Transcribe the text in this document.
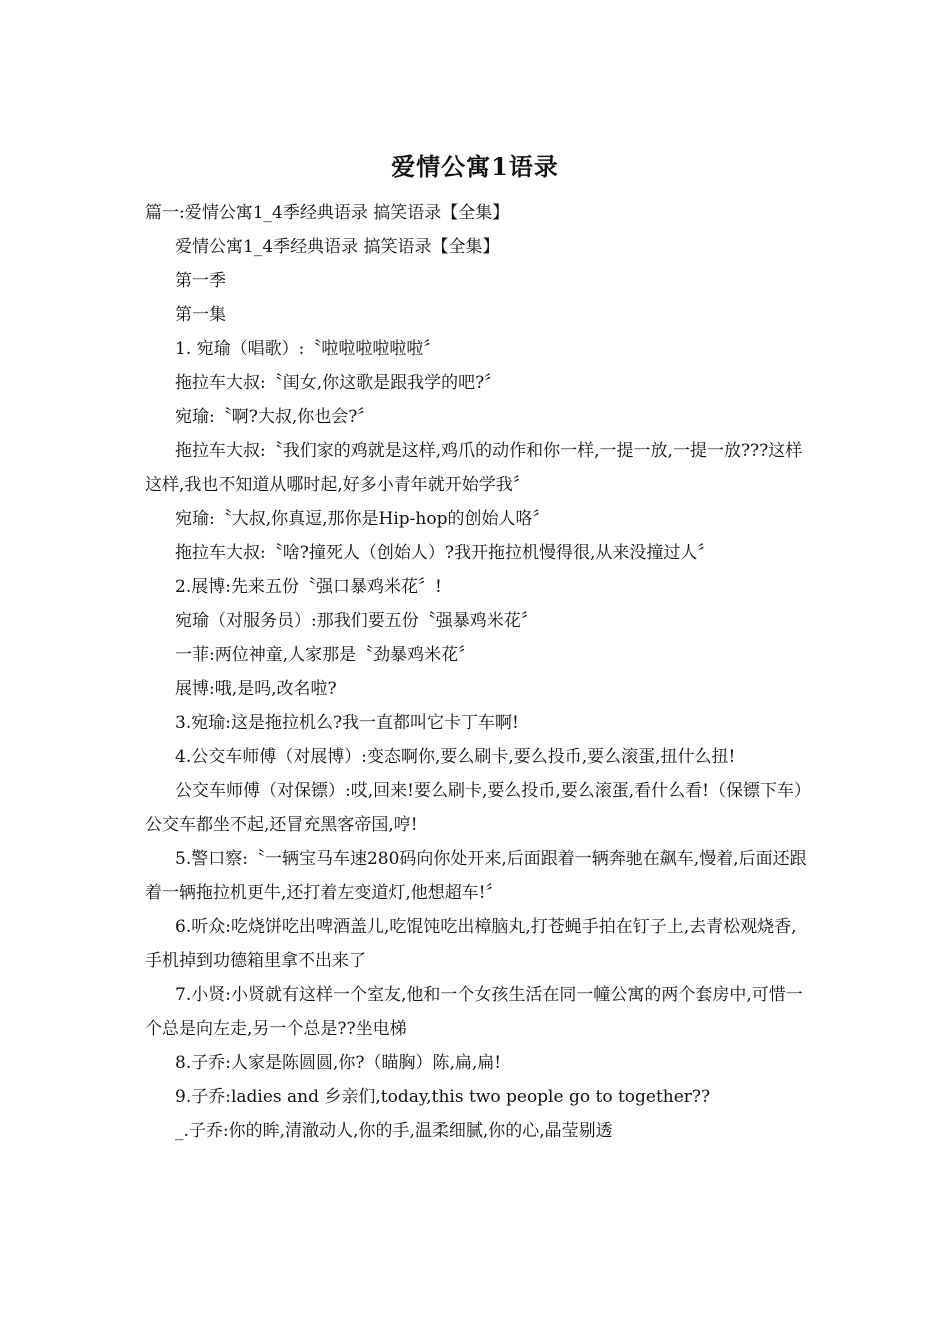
爱情公寓1语录

篇一:爱情公寓1_4季经典语录 搞笑语录【全集】

爱情公寓1_4季经典语录 搞笑语录【全集】

第一季

第一集

1. 宛瑜（唱歌）:〝啦啦啦啦啦啦〞

拖拉车大叔:〝闺女,你这歌是跟我学的吧?〞

宛瑜:〝啊?大叔,你也会?〞

拖拉车大叔:〝我们家的鸡就是这样,鸡爪的动作和你一样,一提一放,一提一放???这样这样,我也不知道从哪时起,好多小青年就开始学我〞

宛瑜:〝大叔,你真逗,那你是Hip-hop的创始人咯〞

拖拉车大叔:〝啥?撞死人（创始人）?我开拖拉机慢得很,从来没撞过人〞

2.展博:先来五份〝强口暴鸡米花〞!

宛瑜（对服务员）:那我们要五份〝强暴鸡米花〞

一菲:两位神童,人家那是〝劲暴鸡米花〞

展博:哦,是吗,改名啦?

3.宛瑜:这是拖拉机么?我一直都叫它卡丁车啊!

4.公交车师傅（对展博）:变态啊你,要么刷卡,要么投币,要么滚蛋,扭什么扭!

公交车师傅（对保镖）:哎,回来!要么刷卡,要么投币,要么滚蛋,看什么看!（保镖下车）公交车都坐不起,还冒充黑客帝国,哼!

5.警口察:〝一辆宝马车速280码向你处开来,后面跟着一辆奔驰在飙车,慢着,后面还跟着一辆拖拉机更牛,还打着左变道灯,他想超车!〞

6.听众:吃烧饼吃出啤酒盖儿,吃馄饨吃出樟脑丸,打苍蝇手拍在钉子上,去青松观烧香,手机掉到功德箱里拿不出来了

7.小贤:小贤就有这样一个室友,他和一个女孩生活在同一幢公寓的两个套房中,可惜一个总是向左走,另一个总是??坐电梯

8.子乔:人家是陈圆圆,你?（瞄胸）陈,扁,扁!

9.子乔:ladies and 乡亲们,today,this two people go to together??

_.子乔:你的眸,清澈动人,你的手,温柔细腻,你的心,晶莹剔透
